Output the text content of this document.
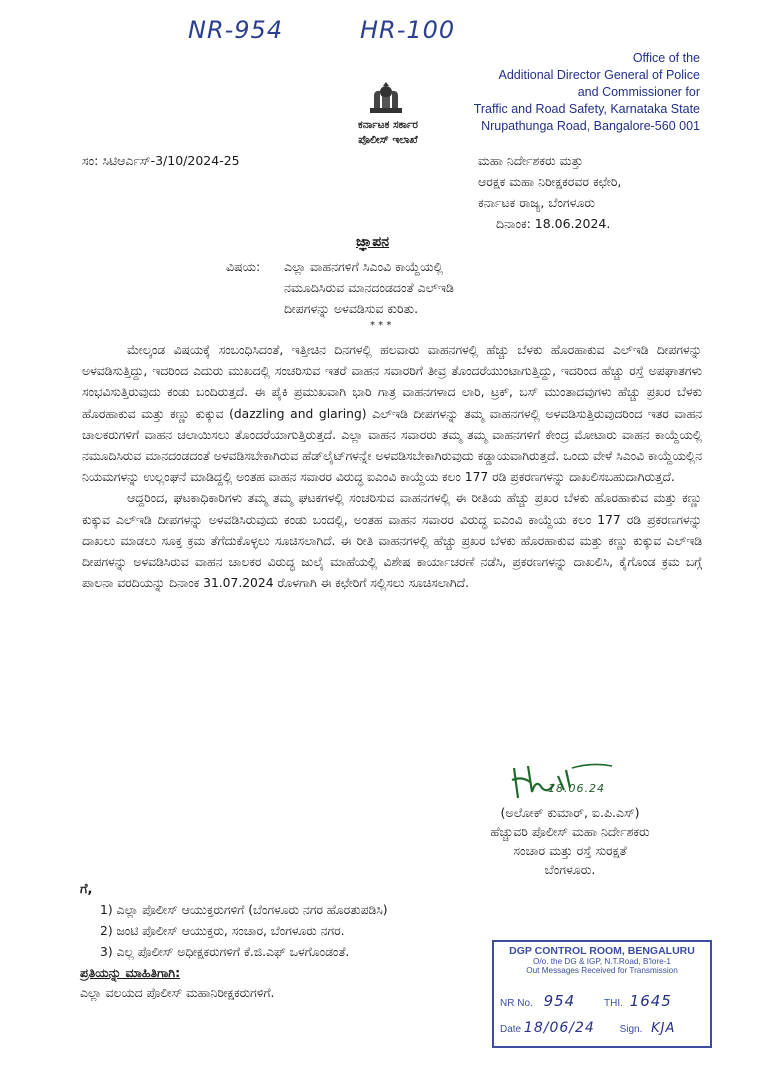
NR-954	HR-100
Office of the
Additional Director General of Police
and Commissioner for
Traffic and Road Safety, Karnataka State
Nrupathunga Road, Bangalore-560 001
ಕರ್ನಾಟಕ ಸರ್ಕಾರ
ಪೊಲೀಸ್ ಇಲಾಖೆ
ಸಂ: ಸಿಟಿಆರ್ಎಸ್-3/10/2024-25	ಮಹಾ ನಿರ್ದೇಶಕರು ಮತ್ತು
ಆರಕ್ಷಕ ಮಹಾ ನಿರೀಕ್ಷಕರವರ ಕಛೇರಿ,
ಕರ್ನಾಟಕ ರಾಜ್ಯ, ಬೆಂಗಳೂರು
ದಿನಾಂಕ: 18.06.2024.
ಜ್ಞಾಪನ
ವಿಷಯ: ಎಲ್ಲಾ ವಾಹನಗಳಿಗೆ ಸಿಎಂವಿ ಕಾಯ್ದೆಯಲ್ಲಿ
ನಮೂದಿಸಿರುವ ಮಾನದಂಡದಂತೆ ಎಲ್ಇಡಿ
ದೀಪಗಳನ್ನು ಅಳವಡಿಸುವ ಕುರಿತು.
* * *

ಮೇಲ್ಕಂಡ ವಿಷಯಕ್ಕೆ ಸಂಬಂಧಿಸಿದಂತೆ, ಇತ್ತೀಚಿನ ದಿನಗಳಲ್ಲಿ ಹಲವಾರು ವಾಹನಗಳಲ್ಲಿ ಹೆಚ್ಚು ಬೆಳಕು ಹೊರಹಾಕುವ ಎಲ್ಇಡಿ ದೀಪಗಳನ್ನು ಅಳವಡಿಸುತ್ತಿದ್ದು, ಇದರಿಂದ ಎದುರು ಮುಖದಲ್ಲಿ ಸಂಚರಿಸುವ ಇತರೆ ವಾಹನ ಸವಾರರಿಗೆ ತೀವ್ರ ತೊಂದರೆಯುಂಟಾಗುತ್ತಿದ್ದು, ಇದರಿಂದ ಹೆಚ್ಚು ರಸ್ತೆ ಅಪಘಾತಗಳು ಸಂಭವಿಸುತ್ತಿರುವುದು ಕಂಡು ಬಂದಿರುತ್ತದೆ. ಈ ಪೈಕಿ ಪ್ರಮುಖವಾಗಿ ಭಾರಿ ಗಾತ್ರ ವಾಹನಗಳಾದ ಲಾರಿ, ಟ್ರಕ್, ಬಸ್ ಮುಂತಾದವುಗಳು ಹೆಚ್ಚು ಪ್ರಖರ ಬೆಳಕು ಹೊರಹಾಕುವ ಮತ್ತು ಕಣ್ಣು ಕುಕ್ಕುವ (dazzling and glaring) ಎಲ್ಇಡಿ ದೀಪಗಳನ್ನು ತಮ್ಮ ವಾಹನಗಳಲ್ಲಿ ಅಳವಡಿಸುತ್ತಿರುವುದರಿಂದ ಇತರ ವಾಹನ ಚಾಲಕರುಗಳಿಗೆ ವಾಹನ ಚಲಾಯಿಸಲು ತೊಂದರೆಯಾಗುತ್ತಿರುತ್ತದೆ. ಎಲ್ಲಾ ವಾಹನ ಸವಾರರು ತಮ್ಮ ತಮ್ಮ ವಾಹನಗಳಿಗೆ ಕೇಂದ್ರ ಮೋಟಾರು ವಾಹನ ಕಾಯ್ದೆಯಲ್ಲಿ ನಮೂದಿಸಿರುವ ಮಾನದಂಡದಂತೆ ಅಳವಡಿಸಬೇಕಾಗಿರುವ ಹೆಡ್‌ಲೈಟ್‌ಗಳನ್ನೇ ಅಳವಡಿಸಬೇಕಾಗಿರುವುದು ಕಡ್ಡಾಯವಾಗಿರುತ್ತದೆ. ಒಂದು ವೇಳೆ ಸಿಎಂವಿ ಕಾಯ್ದೆಯಲ್ಲಿನ ನಿಯಮಗಳನ್ನು ಉಲ್ಲಂಘನೆ ಮಾಡಿದ್ದಲ್ಲಿ ಅಂತಹ ವಾಹನ ಸವಾರರ ವಿರುದ್ಧ ಐಎಂವಿ ಕಾಯ್ದೆಯ ಕಲಂ 177 ರಡಿ ಪ್ರಕರಣಗಳನ್ನು ದಾಖಲಿಸಬಹುದಾಗಿರುತ್ತದೆ.

ಆದ್ದರಿಂದ, ಘಟಕಾಧಿಕಾರಿಗಳು ತಮ್ಮ ತಮ್ಮ ಘಟಕಗಳಲ್ಲಿ ಸಂಚರಿಸುವ ವಾಹನಗಳಲ್ಲಿ ಈ ರೀತಿಯ ಹೆಚ್ಚು ಪ್ರಖರ ಬೆಳಕು ಹೊರಹಾಕುವ ಮತ್ತು ಕಣ್ಣು ಕುಕ್ಕುವ ಎಲ್ಇಡಿ ದೀಪಗಳನ್ನು ಅಳವಡಿಸಿರುವುದು ಕಂಡು ಬಂದಲ್ಲಿ, ಅಂತಹ ವಾಹನ ಸವಾರರ ವಿರುದ್ಧ ಐಎಂವಿ ಕಾಯ್ದೆಯ ಕಲಂ 177 ರಡಿ ಪ್ರಕರಣಗಳನ್ನು ದಾಖಲು ಮಾಡಲು ಸೂಕ್ತ ಕ್ರಮ ತೆಗೆದುಕೊಳ್ಳಲು ಸೂಚಿಸಲಾಗಿದೆ. ಈ ರೀತಿ ವಾಹನಗಳಲ್ಲಿ ಹೆಚ್ಚು ಪ್ರಖರ ಬೆಳಕು ಹೊರಹಾಕುವ ಮತ್ತು ಕಣ್ಣು ಕುಕ್ಕುವ ಎಲ್ಇಡಿ ದೀಪಗಳನ್ನು ಅಳವಡಿಸಿರುವ ವಾಹನ ಚಾಲಕರ ವಿರುದ್ಧ ಜುಲೈ ಮಾಹೆಯಲ್ಲಿ ವಿಶೇಷ ಕಾರ್ಯಾಚರಣೆ ನಡೆಸಿ, ಪ್ರಕರಣಗಳನ್ನು ದಾಖಲಿಸಿ, ಕೈಗೊಂಡ ಕ್ರಮ ಬಗ್ಗೆ ಪಾಲನಾ ವರದಿಯನ್ನು ದಿನಾಂಕ 31.07.2024 ರೊಳಗಾಗಿ ಈ ಕಛೇರಿಗೆ ಸಲ್ಲಿಸಲು ಸೂಚಿಸಲಾಗಿದೆ.

18.06.24
(ಅಲೋಕ್ ಕುಮಾರ್, ಐ.ಪಿ.ಎಸ್)
ಹೆಚ್ಚುವರಿ ಪೊಲೀಸ್ ಮಹಾ ನಿರ್ದೇಶಕರು
ಸಂಚಾರ ಮತ್ತು ರಸ್ತೆ ಸುರಕ್ಷತೆ
ಬೆಂಗಳೂರು.
ಗೆ,
1) ಎಲ್ಲಾ ಪೊಲೀಸ್ ಆಯುಕ್ತರುಗಳಿಗೆ (ಬೆಂಗಳೂರು ನಗರ ಹೊರತುಪಡಿಸಿ)
2) ಜಂಟಿ ಪೊಲೀಸ್ ಆಯುಕ್ತರು, ಸಂಚಾರ, ಬೆಂಗಳೂರು ನಗರ.
3) ಎಲ್ಲ ಪೊಲೀಸ್ ಅಧೀಕ್ಷಕರುಗಳಿಗೆ ಕೆ.ಜಿ.ಎಫ್ ಒಳಗೊಂಡಂತೆ.
ಪ್ರತಿಯನ್ನು ಮಾಹಿತಿಗಾಗಿ:
ಎಲ್ಲಾ ವಲಯದ ಪೊಲೀಸ್ ಮಹಾನಿರೀಕ್ಷಕರುಗಳಿಗೆ.
DGP CONTROL ROOM, BENGALURU
O/o. the DG & IGP, N.T.Road, B'lore-1
Out Messages Received for Transmission
NR No. 954	THI. 1645
Date 18/06/24 Sign. KJA
